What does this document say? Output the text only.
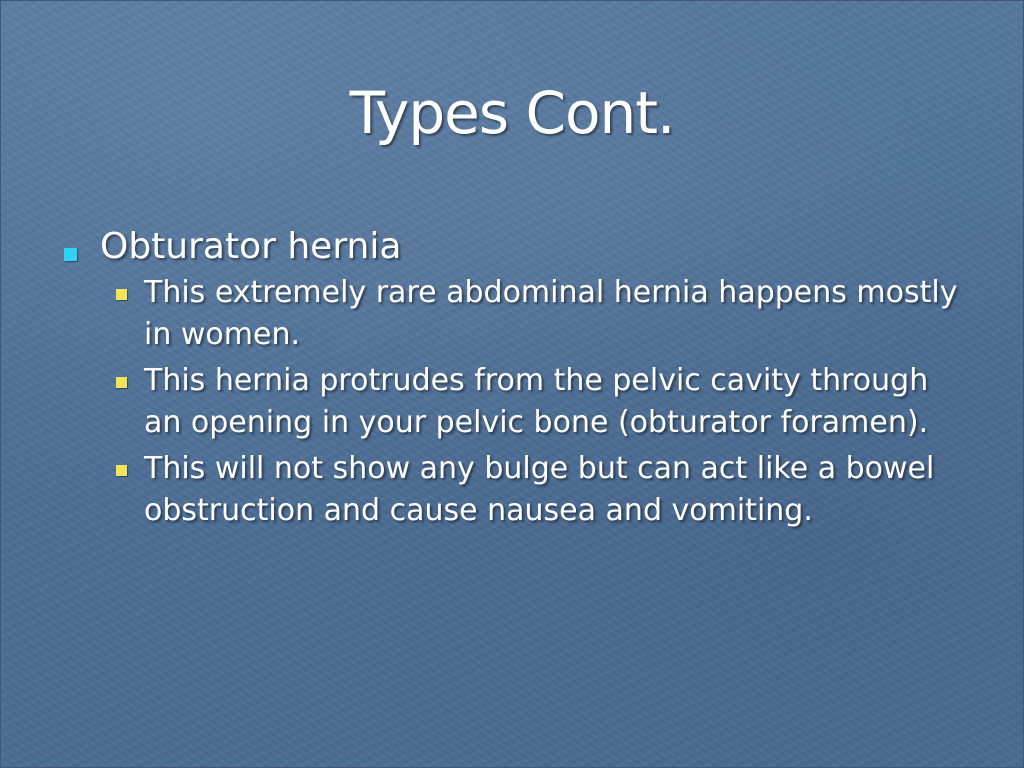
Types Cont.
Obturator hernia
This extremely rare abdominal hernia happens mostly in women.
This hernia protrudes from the pelvic cavity through an opening in your pelvic bone (obturator foramen).
This will not show any bulge but can act like a bowel obstruction and cause nausea and vomiting.
